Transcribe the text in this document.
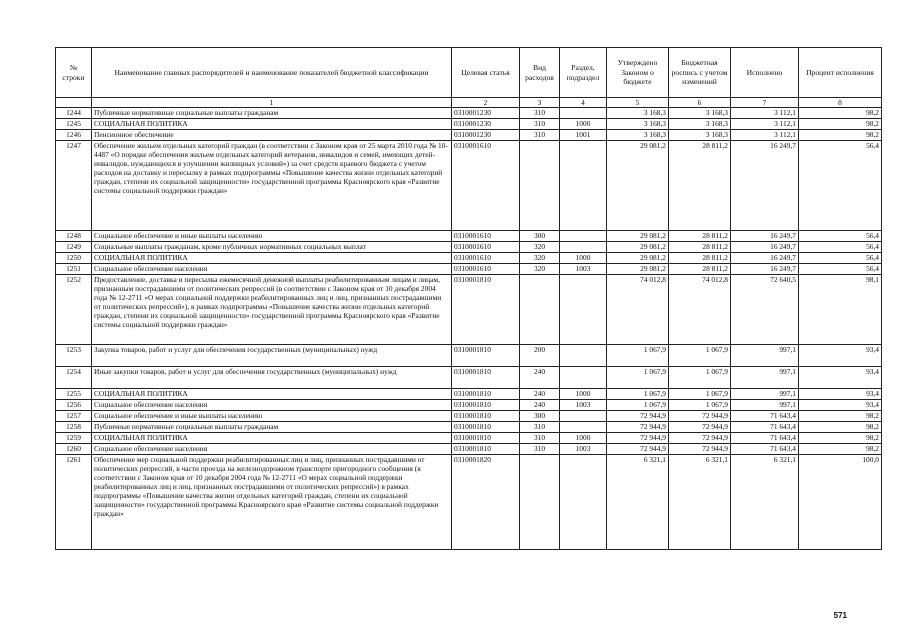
№ строки	Наименование главных распорядителей и наименование показателей бюджетной классификации	Целевая статья	Вид расходов	Раздел, подраздел	Утверждено Законом о бюджете	Бюджетная роспись с учетом изменений	Исполнено	Процент исполнения
	1	2	3	4	5	6	7	8
1244	Публичные нормативные социальные выплаты гражданам	0310001230	310		3 168,3	3 168,3	3 112,1	98,2
1245	СОЦИАЛЬНАЯ ПОЛИТИКА	0310001230	310	1000	3 168,3	3 168,3	3 112,1	98,2
1246	Пенсионное обеспечение	0310001230	310	1001	3 168,3	3 168,3	3 112,1	98,2
1247	Обеспечение жильем отдельных категорий граждан (в соответствии с Законом края от 25 марта 2010 года № 10-4487 «О порядке обеспечения жильем отдельных категорий ветеранов, инвалидов и семей, имеющих детей-инвалидов, нуждающихся в улучшении жилищных условий») за счет средств краевого бюджета с учетом расходов на доставку и пересылку в рамках подпрограммы «Повышение качества жизни отдельных категорий граждан, степени их социальной защищенности» государственной программы Красноярского края «Развитие системы социальной поддержки граждан»	0310001610			29 081,2	28 811,2	16 249,7	56,4
1248	Социальное обеспечение и иные выплаты населению	0310001610	300		29 081,2	28 811,2	16 249,7	56,4
1249	Социальные выплаты гражданам, кроме публичных нормативных социальных выплат	0310001610	320		29 081,2	28 811,2	16 249,7	56,4
1250	СОЦИАЛЬНАЯ ПОЛИТИКА	0310001610	320	1000	29 081,2	28 811,2	16 249,7	56,4
1251	Социальное обеспечение населения	0310001610	320	1003	29 081,2	28 811,2	16 249,7	56,4
1252	Предоставление, доставка и пересылка ежемесячной денежной выплаты реабилитированным лицам и лицам, признанным пострадавшими от политических репрессий (в соответствии с Законом края от 10 декабря 2004 года № 12-2711 «О мерах социальной поддержки реабилитированных лиц и лиц, признанных пострадавшими от политических репрессий»), в рамках подпрограммы «Повышение качества жизни отдельных категорий граждан, степени их социальной защищенности» государственной программы Красноярского края «Развитие системы социальной поддержки граждан»	0310001810			74 012,8	74 012,8	72 640,5	98,1
1253	Закупка товаров, работ и услуг для обеспечения государственных (муниципальных) нужд	0310001810	200		1 067,9	1 067,9	997,1	93,4
1254	Иные закупки товаров, работ и услуг для обеспечения государственных (муниципальных) нужд	0310001810	240		1 067,9	1 067,9	997,1	93,4
1255	СОЦИАЛЬНАЯ ПОЛИТИКА	0310001810	240	1000	1 067,9	1 067,9	997,1	93,4
1256	Социальное обеспечение населения	0310001810	240	1003	1 067,9	1 067,9	997,1	93,4
1257	Социальное обеспечение и иные выплаты населению	0310001810	300		72 944,9	72 944,9	71 643,4	98,2
1258	Публичные нормативные социальные выплаты гражданам	0310001810	310		72 944,9	72 944,9	71 643,4	98,2
1259	СОЦИАЛЬНАЯ ПОЛИТИКА	0310001810	310	1000	72 944,9	72 944,9	71 643,4	98,2
1260	Социальное обеспечение населения	0310001810	310	1003	72 944,9	72 944,9	71 643,4	98,2
1261	Обеспечение мер социальной поддержки реабилитированных лиц и лиц, признанных пострадавшими от политических репрессий, в части проезда на железнодорожном транспорте пригородного сообщения (в соответствии с Законом края от 10 декабря 2004 года № 12-2711 «О мерах социальной поддержки реабилитированных лиц и лиц, признанных пострадавшими от политических репрессий») в рамках подпрограммы «Повышение качества жизни отдельных категорий граждан, степени их социальной защищенности» государственной программы Красноярского края «Развитие системы социальной поддержки граждан»	0310001820			6 321,1	6 321,1	6 321,1	100,0
571
